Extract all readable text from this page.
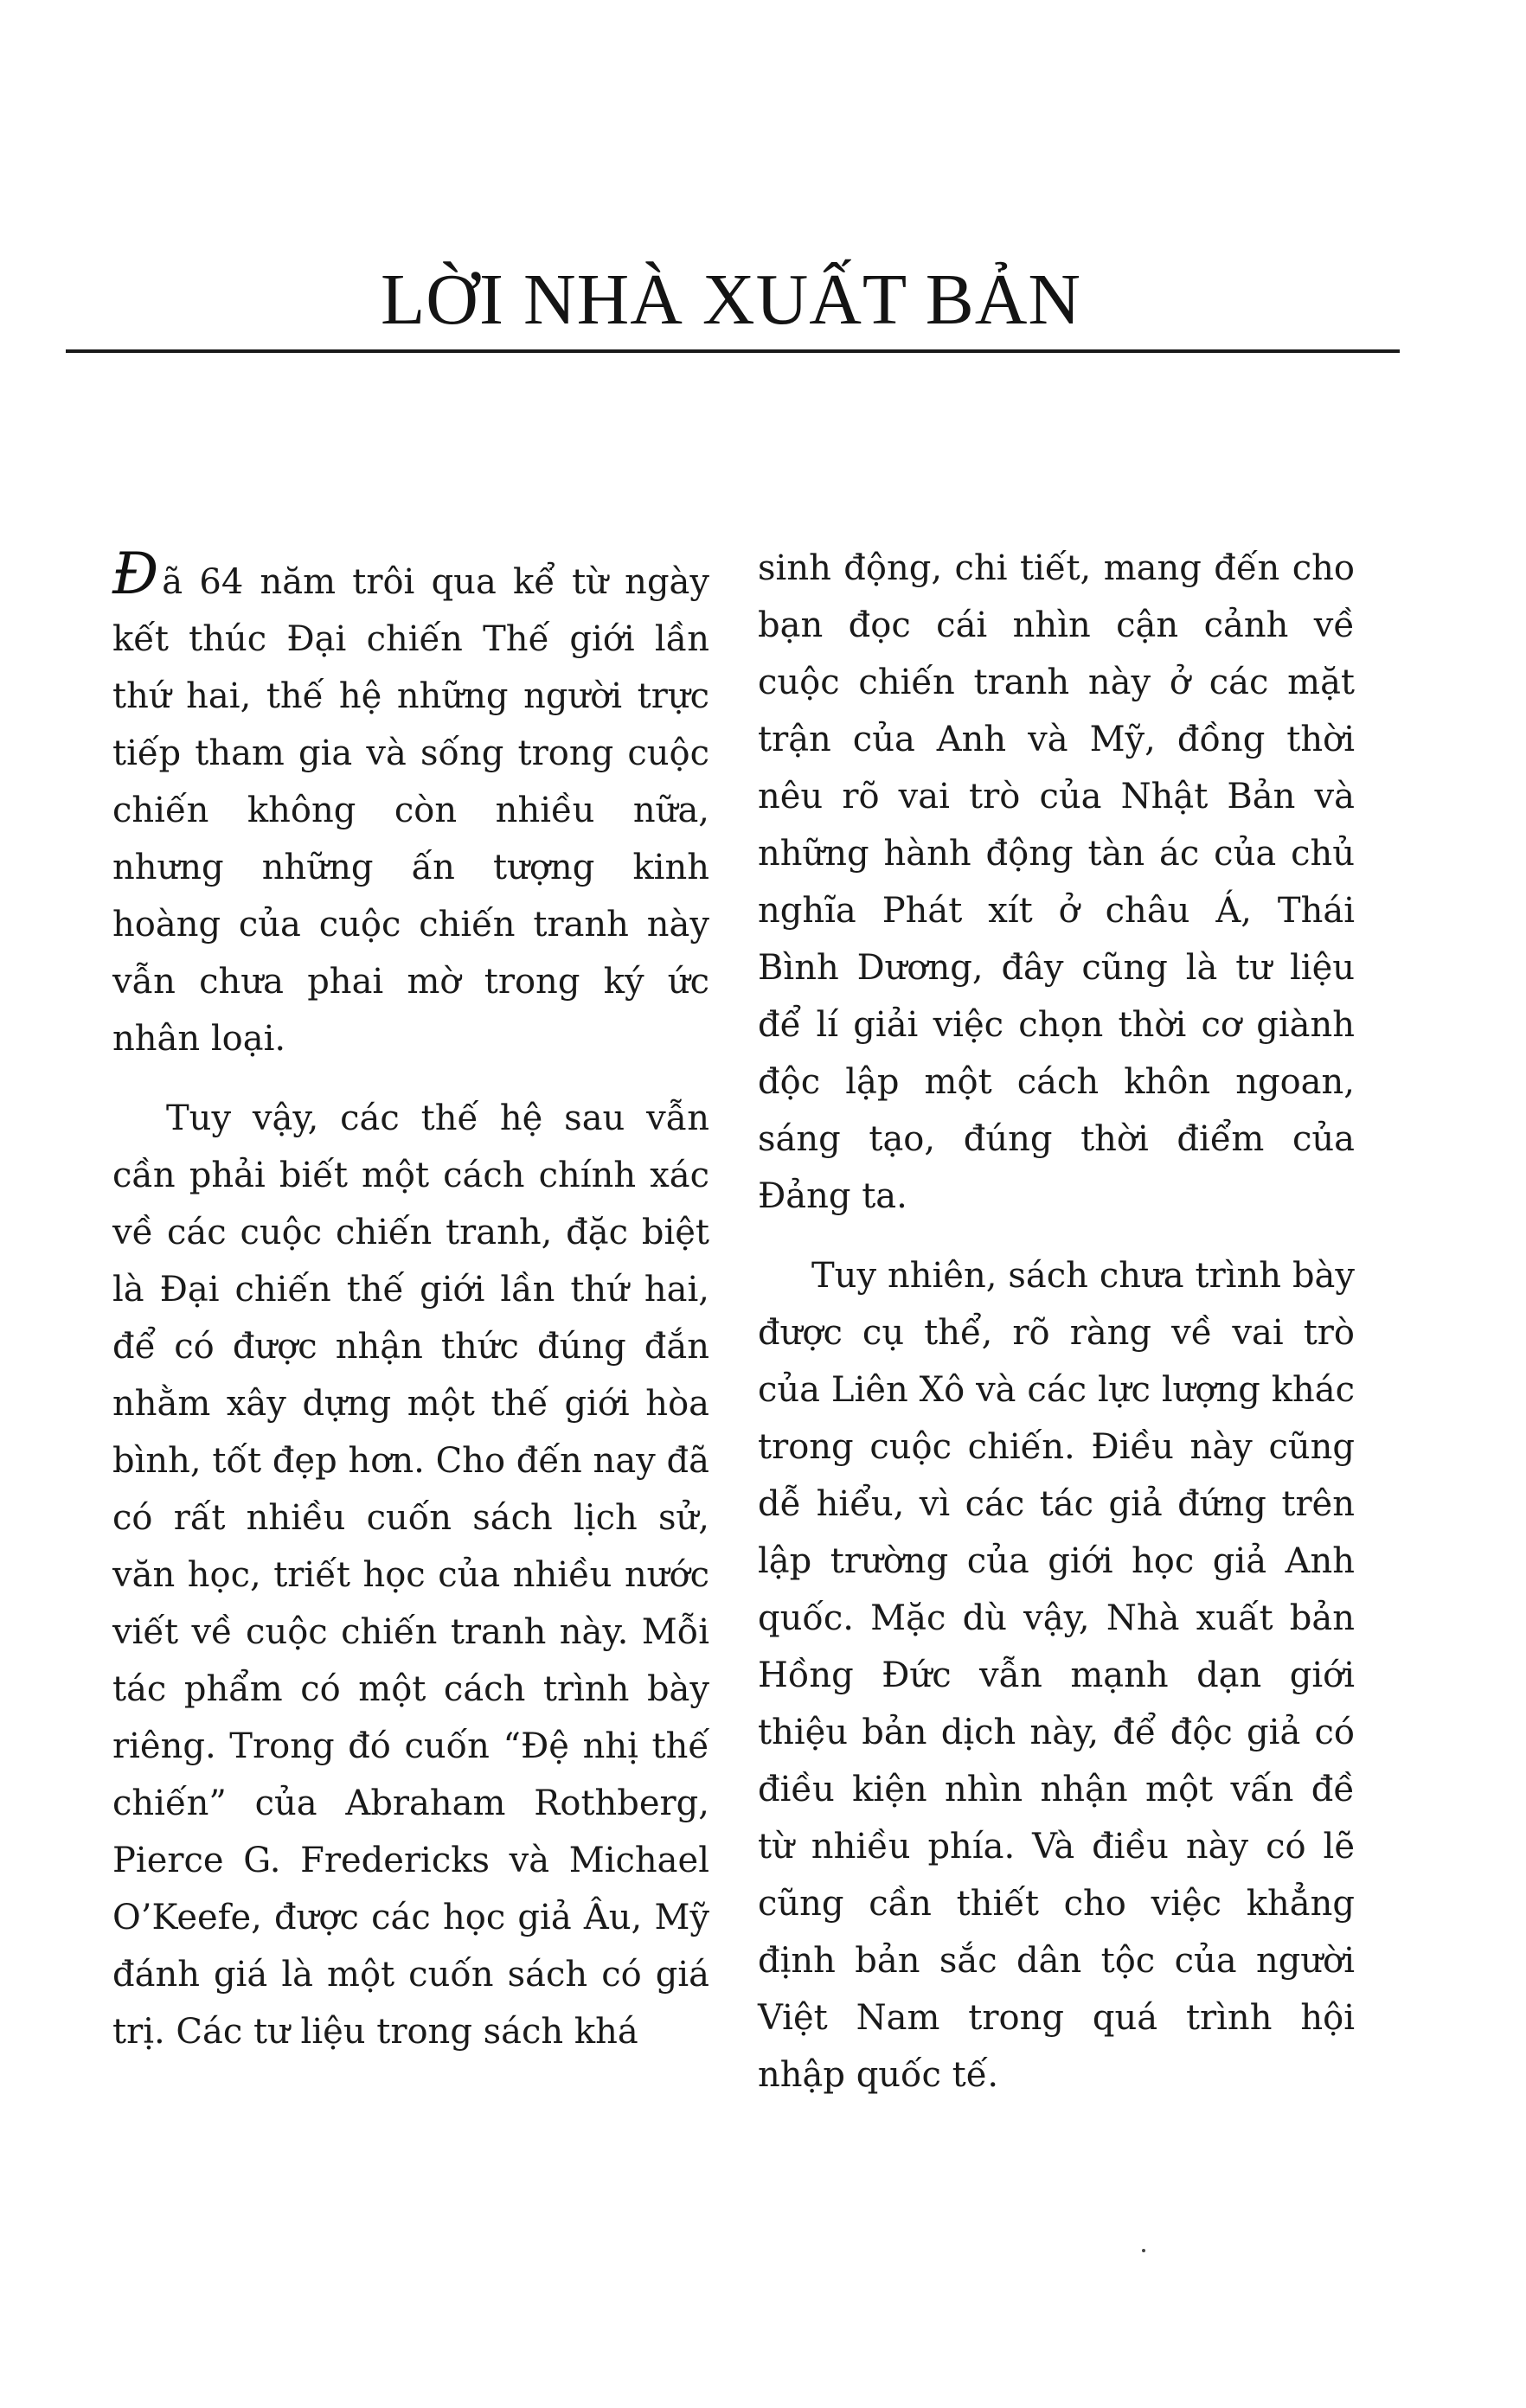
LỜI NHÀ XUẤT BẢN

Đã 64 năm trôi qua kể từ ngày kết thúc Đại chiến Thế giới lần thứ hai, thế hệ những người trực tiếp tham gia và sống trong cuộc chiến không còn nhiều nữa, nhưng những ấn tượng kinh hoàng của cuộc chiến tranh này vẫn chưa phai mờ trong ký ức nhân loại.

Tuy vậy, các thế hệ sau vẫn cần phải biết một cách chính xác về các cuộc chiến tranh, đặc biệt là Đại chiến thế giới lần thứ hai, để có được nhận thức đúng đắn nhằm xây dựng một thế giới hòa bình, tốt đẹp hơn. Cho đến nay đã có rất nhiều cuốn sách lịch sử, văn học, triết học của nhiều nước viết về cuộc chiến tranh này. Mỗi tác phẩm có một cách trình bày riêng. Trong đó cuốn “Đệ nhị thế chiến” của Abraham Rothberg, Pierce G. Fredericks và Michael O’Keefe, được các học giả Âu, Mỹ đánh giá là một cuốn sách có giá trị. Các tư liệu trong sách khá

sinh động, chi tiết, mang đến cho bạn đọc cái nhìn cận cảnh về cuộc chiến tranh này ở các mặt trận của Anh và Mỹ, đồng thời nêu rõ vai trò của Nhật Bản và những hành động tàn ác của chủ nghĩa Phát xít ở châu Á, Thái Bình Dương, đây cũng là tư liệu để lí giải việc chọn thời cơ giành độc lập một cách khôn ngoan, sáng tạo, đúng thời điểm của Đảng ta.

Tuy nhiên, sách chưa trình bày được cụ thể, rõ ràng về vai trò của Liên Xô và các lực lượng khác trong cuộc chiến. Điều này cũng dễ hiểu, vì các tác giả đứng trên lập trường của giới học giả Anh quốc. Mặc dù vậy, Nhà xuất bản Hồng Đức vẫn mạnh dạn giới thiệu bản dịch này, để độc giả có điều kiện nhìn nhận một vấn đề từ nhiều phía. Và điều này có lẽ cũng cần thiết cho việc khẳng định bản sắc dân tộc của người Việt Nam trong quá trình hội nhập quốc tế.
